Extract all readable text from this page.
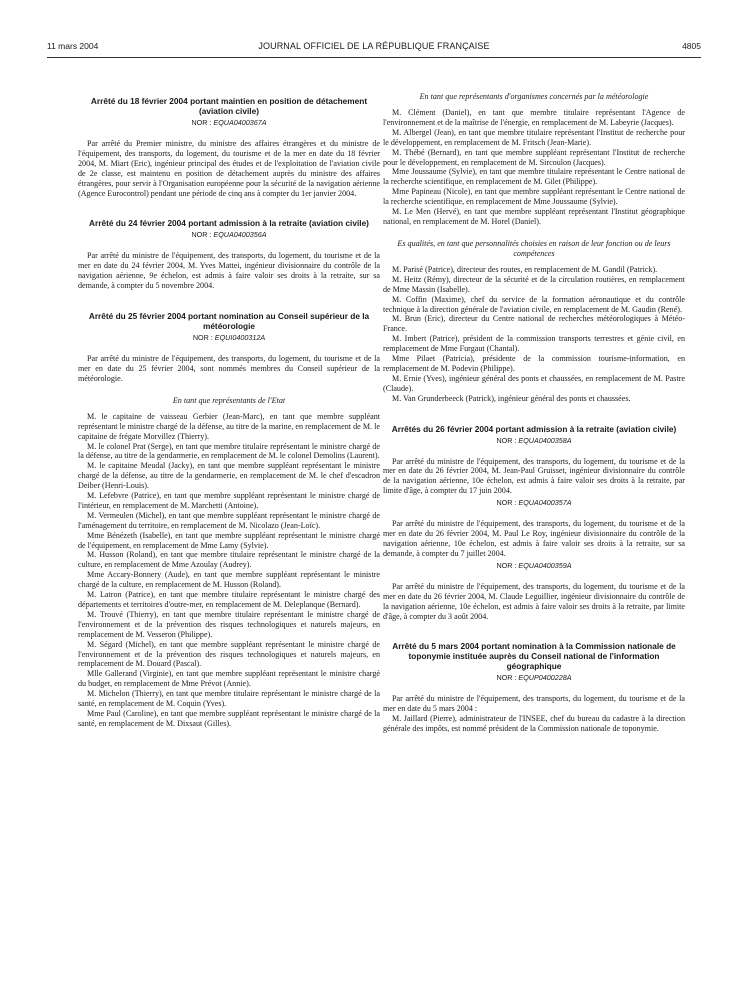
11 mars 2004	JOURNAL OFFICIEL DE LA RÉPUBLIQUE FRANÇAISE	4805
Arrêté du 18 février 2004 portant maintien en position de détachement (aviation civile)
NOR : EQUA0400367A

Par arrêté du Premier ministre, du ministre des affaires étrangères et du ministre de l'équipement, des transports, du logement, du tourisme et de la mer en date du 18 février 2004, M. Miart (Eric), ingénieur principal des études et de l'exploitation de l'aviation civile de 2e classe, est maintenu en position de détachement auprès du ministre des affaires étrangères, pour servir à l'Organisation européenne pour la sécurité de la navigation aérienne (Agence Eurocontrol) pendant une période de cinq ans à compter du 1er janvier 2004.

Arrêté du 24 février 2004 portant admission à la retraite (aviation civile)
NOR : EQUA0400356A

Par arrêté du ministre de l'équipement, des transports, du logement, du tourisme et de la mer en date du 24 février 2004, M. Yves Mattei, ingénieur divisionnaire du contrôle de la navigation aérienne, 9e échelon, est admis à faire valoir ses droits à la retraite, sur sa demande, à compter du 5 novembre 2004.

Arrêté du 25 février 2004 portant nomination au Conseil supérieur de la météorologie
NOR : EQUI0400312A

Par arrêté du ministre de l'équipement, des transports, du logement, du tourisme et de la mer en date du 25 février 2004, sont nommés membres du Conseil supérieur de la météorologie.

En tant que représentants de l'Etat

M. le capitaine de vaisseau Gerbier (Jean-Marc), en tant que membre suppléant représentant le ministre chargé de la défense, au titre de la marine, en remplacement de M. le capitaine de frégate Morvillez (Thierry).

M. le colonel Prat (Serge), en tant que membre titulaire représentant le ministre chargé de la défense, au titre de la gendarmerie, en remplacement de M. le colonel Demolins (Laurent).

M. le capitaine Meudal (Jacky), en tant que membre suppléant représentant le ministre chargé de la défense, au titre de la gendarmerie, en remplacement de M. le chef d'escadron Deiber (Henri-Louis).

M. Lefebvre (Patrice), en tant que membre suppléant représentant le ministre chargé de l'intérieur, en remplacement de M. Marchetti (Antoine).

M. Vermeulen (Michel), en tant que membre suppléant représentant le ministre chargé de l'aménagement du territoire, en remplacement de M. Nicolazo (Jean-Loïc).

Mme Bénézeth (Isabelle), en tant que membre suppléant représentant le ministre chargé de l'équipement, en remplacement de Mme Lamy (Sylvie).

M. Husson (Roland), en tant que membre titulaire représentant le ministre chargé de la culture, en remplacement de Mme Azoulay (Audrey).

Mme Accary-Bonnery (Aude), en tant que membre suppléant représentant le ministre chargé de la culture, en remplacement de M. Husson (Roland).

M. Latron (Patrice), en tant que membre titulaire représentant le ministre chargé des départements et territoires d'outre-mer, en remplacement de M. Deleplanque (Bernard).

M. Trouvé (Thierry), en tant que membre titulaire représentant le ministre chargé de l'environnement et de la prévention des risques technologiques et naturels majeurs, en remplacement de M. Vesseron (Philippe).

M. Ségard (Michel), en tant que membre suppléant représentant le ministre chargé de l'environnement et de la prévention des risques technologiques et naturels majeurs, en remplacement de M. Douard (Pascal).

Mlle Gallerand (Virginie), en tant que membre suppléant représentant le ministre chargé du budget, en remplacement de Mme Prévot (Annie).

M. Michelon (Thierry), en tant que membre titulaire représentant le ministre chargé de la santé, en remplacement de M. Coquin (Yves).

Mme Paul (Caroline), en tant que membre suppléant représentant le ministre chargé de la santé, en remplacement de M. Dixsaut (Gilles).

En tant que représentants d'organismes concernés par la météorologie

M. Clément (Daniel), en tant que membre titulaire représentant l'Agence de l'environnement et de la maîtrise de l'énergie, en remplacement de M. Labeyrie (Jacques).

M. Albergel (Jean), en tant que membre titulaire représentant l'Institut de recherche pour le développement, en remplacement de M. Fritsch (Jean-Marie).

M. Thébé (Bernard), en tant que membre suppléant représentant l'Institut de recherche pour le développement, en remplacement de M. Sircoulon (Jacques).

Mme Joussaume (Sylvie), en tant que membre titulaire représentant le Centre national de la recherche scientifique, en remplacement de M. Gilet (Philippe).

Mme Papineau (Nicole), en tant que membre suppléant représentant le Centre national de la recherche scientifique, en remplacement de Mme Joussaume (Sylvie).

M. Le Men (Hervé), en tant que membre suppléant représentant l'Institut géographique national, en remplacement de M. Horel (Daniel).

Es qualités, en tant que personnalités choisies en raison de leur fonction ou de leurs compétences

M. Parisé (Patrice), directeur des routes, en remplacement de M. Gandil (Patrick).

M. Heitz (Rémy), directeur de la sécurité et de la circulation routières, en remplacement de Mme Massin (Isabelle).

M. Coffin (Maxime), chef du service de la formation aéronautique et du contrôle technique à la direction générale de l'aviation civile, en remplacement de M. Gaudin (René).

M. Brun (Eric), directeur du Centre national de recherches météorologiques à Météo-France.

M. Imbert (Patrice), président de la commission transports terrestres et génie civil, en remplacement de Mme Furgaut (Chantal).

Mme Pilaet (Patricia), présidente de la commission tourisme-information, en remplacement de M. Podevin (Philippe).

M. Ernie (Yves), ingénieur général des ponts et chaussées, en remplacement de M. Pastre (Claude).

M. Van Grunderbeeck (Patrick), ingénieur général des ponts et chaussées.

Arrêtés du 26 février 2004 portant admission à la retraite (aviation civile)
NOR : EQUA0400358A

Par arrêté du ministre de l'équipement, des transports, du logement, du tourisme et de la mer en date du 26 février 2004, M. Jean-Paul Gruisset, ingénieur divisionnaire du contrôle de la navigation aérienne, 10e échelon, est admis à faire valoir ses droits à la retraite, par limite d'âge, à compter du 17 juin 2004.

NOR : EQUA0400357A

Par arrêté du ministre de l'équipement, des transports, du logement, du tourisme et de la mer en date du 26 février 2004, M. Paul Le Roy, ingénieur divisionnaire du contrôle de la navigation aérienne, 10e échelon, est admis à faire valoir ses droits à la retraite, sur sa demande, à compter du 7 juillet 2004.

NOR : EQUA0400359A

Par arrêté du ministre de l'équipement, des transports, du logement, du tourisme et de la mer en date du 26 février 2004, M. Claude Leguillier, ingénieur divisionnaire du contrôle de la navigation aérienne, 10e échelon, est admis à faire valoir ses droits à la retraite, par limite d'âge, à compter du 3 août 2004.

Arrêté du 5 mars 2004 portant nomination à la Commission nationale de toponymie instituée auprès du Conseil national de l'information géographique
NOR : EQUP0400228A

Par arrêté du ministre de l'équipement, des transports, du logement, du tourisme et de la mer en date du 5 mars 2004 :

M. Jaillard (Pierre), administrateur de l'INSEE, chef du bureau du cadastre à la direction générale des impôts, est nommé président de la Commission nationale de toponymie.
